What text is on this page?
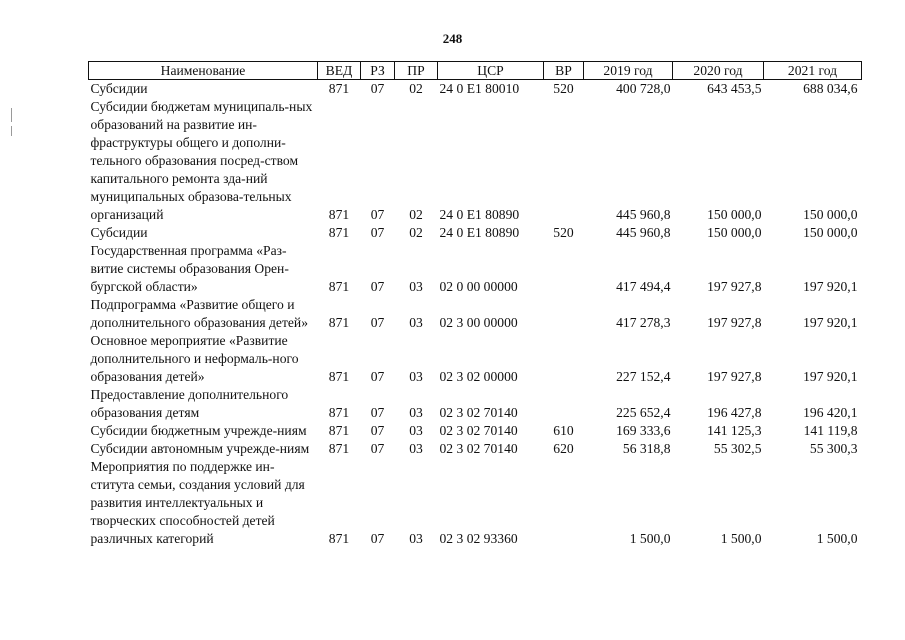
248
Наименование	ВЕД	РЗ	ПР	ЦСР	ВР	2019 год	2020 год	2021 год
Субсидии	871	07	02	24 0 E1 80010	520	400 728,0	643 453,5	688 034,6
Субсидии бюджетам муниципаль-ных образований на развитие ин-фраструктуры общего и дополни-тельного образования посред-ством капитального ремонта зда-ний муниципальных образова-тельных организаций	871	07	02	24 0 E1 80890		445 960,8	150 000,0	150 000,0
Субсидии	871	07	02	24 0 E1 80890	520	445 960,8	150 000,0	150 000,0
Государственная программа «Раз-витие системы образования Орен-бургской области»	871	07	03	02 0 00 00000		417 494,4	197 927,8	197 920,1
Подпрограмма «Развитие общего и дополнительного образования детей»	871	07	03	02 3 00 00000		417 278,3	197 927,8	197 920,1
Основное мероприятие «Развитие дополнительного и неформаль-ного образования детей»	871	07	03	02 3 02 00000		227 152,4	197 927,8	197 920,1
Предоставление дополнительного образования детям	871	07	03	02 3 02 70140		225 652,4	196 427,8	196 420,1
Субсидии бюджетным учрежде-ниям	871	07	03	02 3 02 70140	610	169 333,6	141 125,3	141 119,8
Субсидии автономным учрежде-ниям	871	07	03	02 3 02 70140	620	56 318,8	55 302,5	55 300,3
Мероприятия по поддержке ин-ститута семьи, создания условий для развития интеллектуальных и творческих способностей детей различных категорий	871	07	03	02 3 02 93360		1 500,0	1 500,0	1 500,0
